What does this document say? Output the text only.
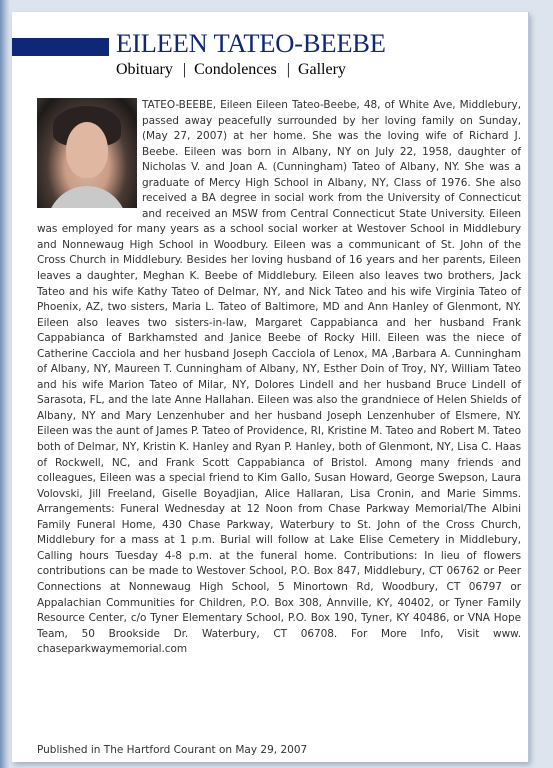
EILEEN TATEO-BEEBE
Obituary | Condolences | Gallery
TATEO-BEEBE, Eileen Eileen Tateo-Beebe, 48, of White Ave, Middlebury, passed away peacefully surrounded by her loving family on Sunday, (May 27, 2007) at her home. She was the loving wife of Richard J. Beebe. Eileen was born in Albany, NY on July 22, 1958, daughter of Nicholas V. and Joan A. (Cunningham) Tateo of Albany, NY. She was a graduate of Mercy High School in Albany, NY, Class of 1976. She also received a BA degree in social work from the University of Connecticut and received an MSW from Central Connecticut State University. Eileen was employed for many years as a school social worker at Westover School in Middlebury and Nonnewaug High School in Woodbury. Eileen was a communicant of St. John of the Cross Church in Middlebury. Besides her loving husband of 16 years and her parents, Eileen leaves a daughter, Meghan K. Beebe of Middlebury. Eileen also leaves two brothers, Jack Tateo and his wife Kathy Tateo of Delmar, NY, and Nick Tateo and his wife Virginia Tateo of Phoenix, AZ, two sisters, Maria L. Tateo of Baltimore, MD and Ann Hanley of Glenmont, NY. Eileen also leaves two sisters-in-law, Margaret Cappabianca and her husband Frank Cappabianca of Barkhamsted and Janice Beebe of Rocky Hill. Eileen was the niece of Catherine Cacciola and her husband Joseph Cacciola of Lenox, MA ,Barbara A. Cunningham of Albany, NY, Maureen T. Cunningham of Albany, NY, Esther Doin of Troy, NY, William Tateo and his wife Marion Tateo of Milar, NY, Dolores Lindell and her husband Bruce Lindell of Sarasota, FL, and the late Anne Hallahan. Eileen was also the grandniece of Helen Shields of Albany, NY and Mary Lenzenhuber and her husband Joseph Lenzenhuber of Elsmere, NY. Eileen was the aunt of James P. Tateo of Providence, RI, Kristine M. Tateo and Robert M. Tateo both of Delmar, NY, Kristin K. Hanley and Ryan P. Hanley, both of Glenmont, NY, Lisa C. Haas of Rockwell, NC, and Frank Scott Cappabianca of Bristol. Among many friends and colleagues, Eileen was a special friend to Kim Gallo, Susan Howard, George Swepson, Laura Volovski, Jill Freeland, Giselle Boyadjian, Alice Hallaran, Lisa Cronin, and Marie Simms. Arrangements: Funeral Wednesday at 12 Noon from Chase Parkway Memorial/The Albini Family Funeral Home, 430 Chase Parkway, Waterbury to St. John of the Cross Church, Middlebury for a mass at 1 p.m. Burial will follow at Lake Elise Cemetery in Middlebury, Calling hours Tuesday 4-8 p.m. at the funeral home. Contributions: In lieu of flowers contributions can be made to Westover School, P.O. Box 847, Middlebury, CT 06762 or Peer Connections at Nonnewaug High School, 5 Minortown Rd, Woodbury, CT 06797 or Appalachian Communities for Children, P.O. Box 308, Annville, KY, 40402, or Tyner Family Resource Center, c/o Tyner Elementary School, P.O. Box 190, Tyner, KY 40486, or VNA Hope Team, 50 Brookside Dr. Waterbury, CT 06708. For More Info, Visit www. chaseparkwaymemorial.com
Published in The Hartford Courant on May 29, 2007
